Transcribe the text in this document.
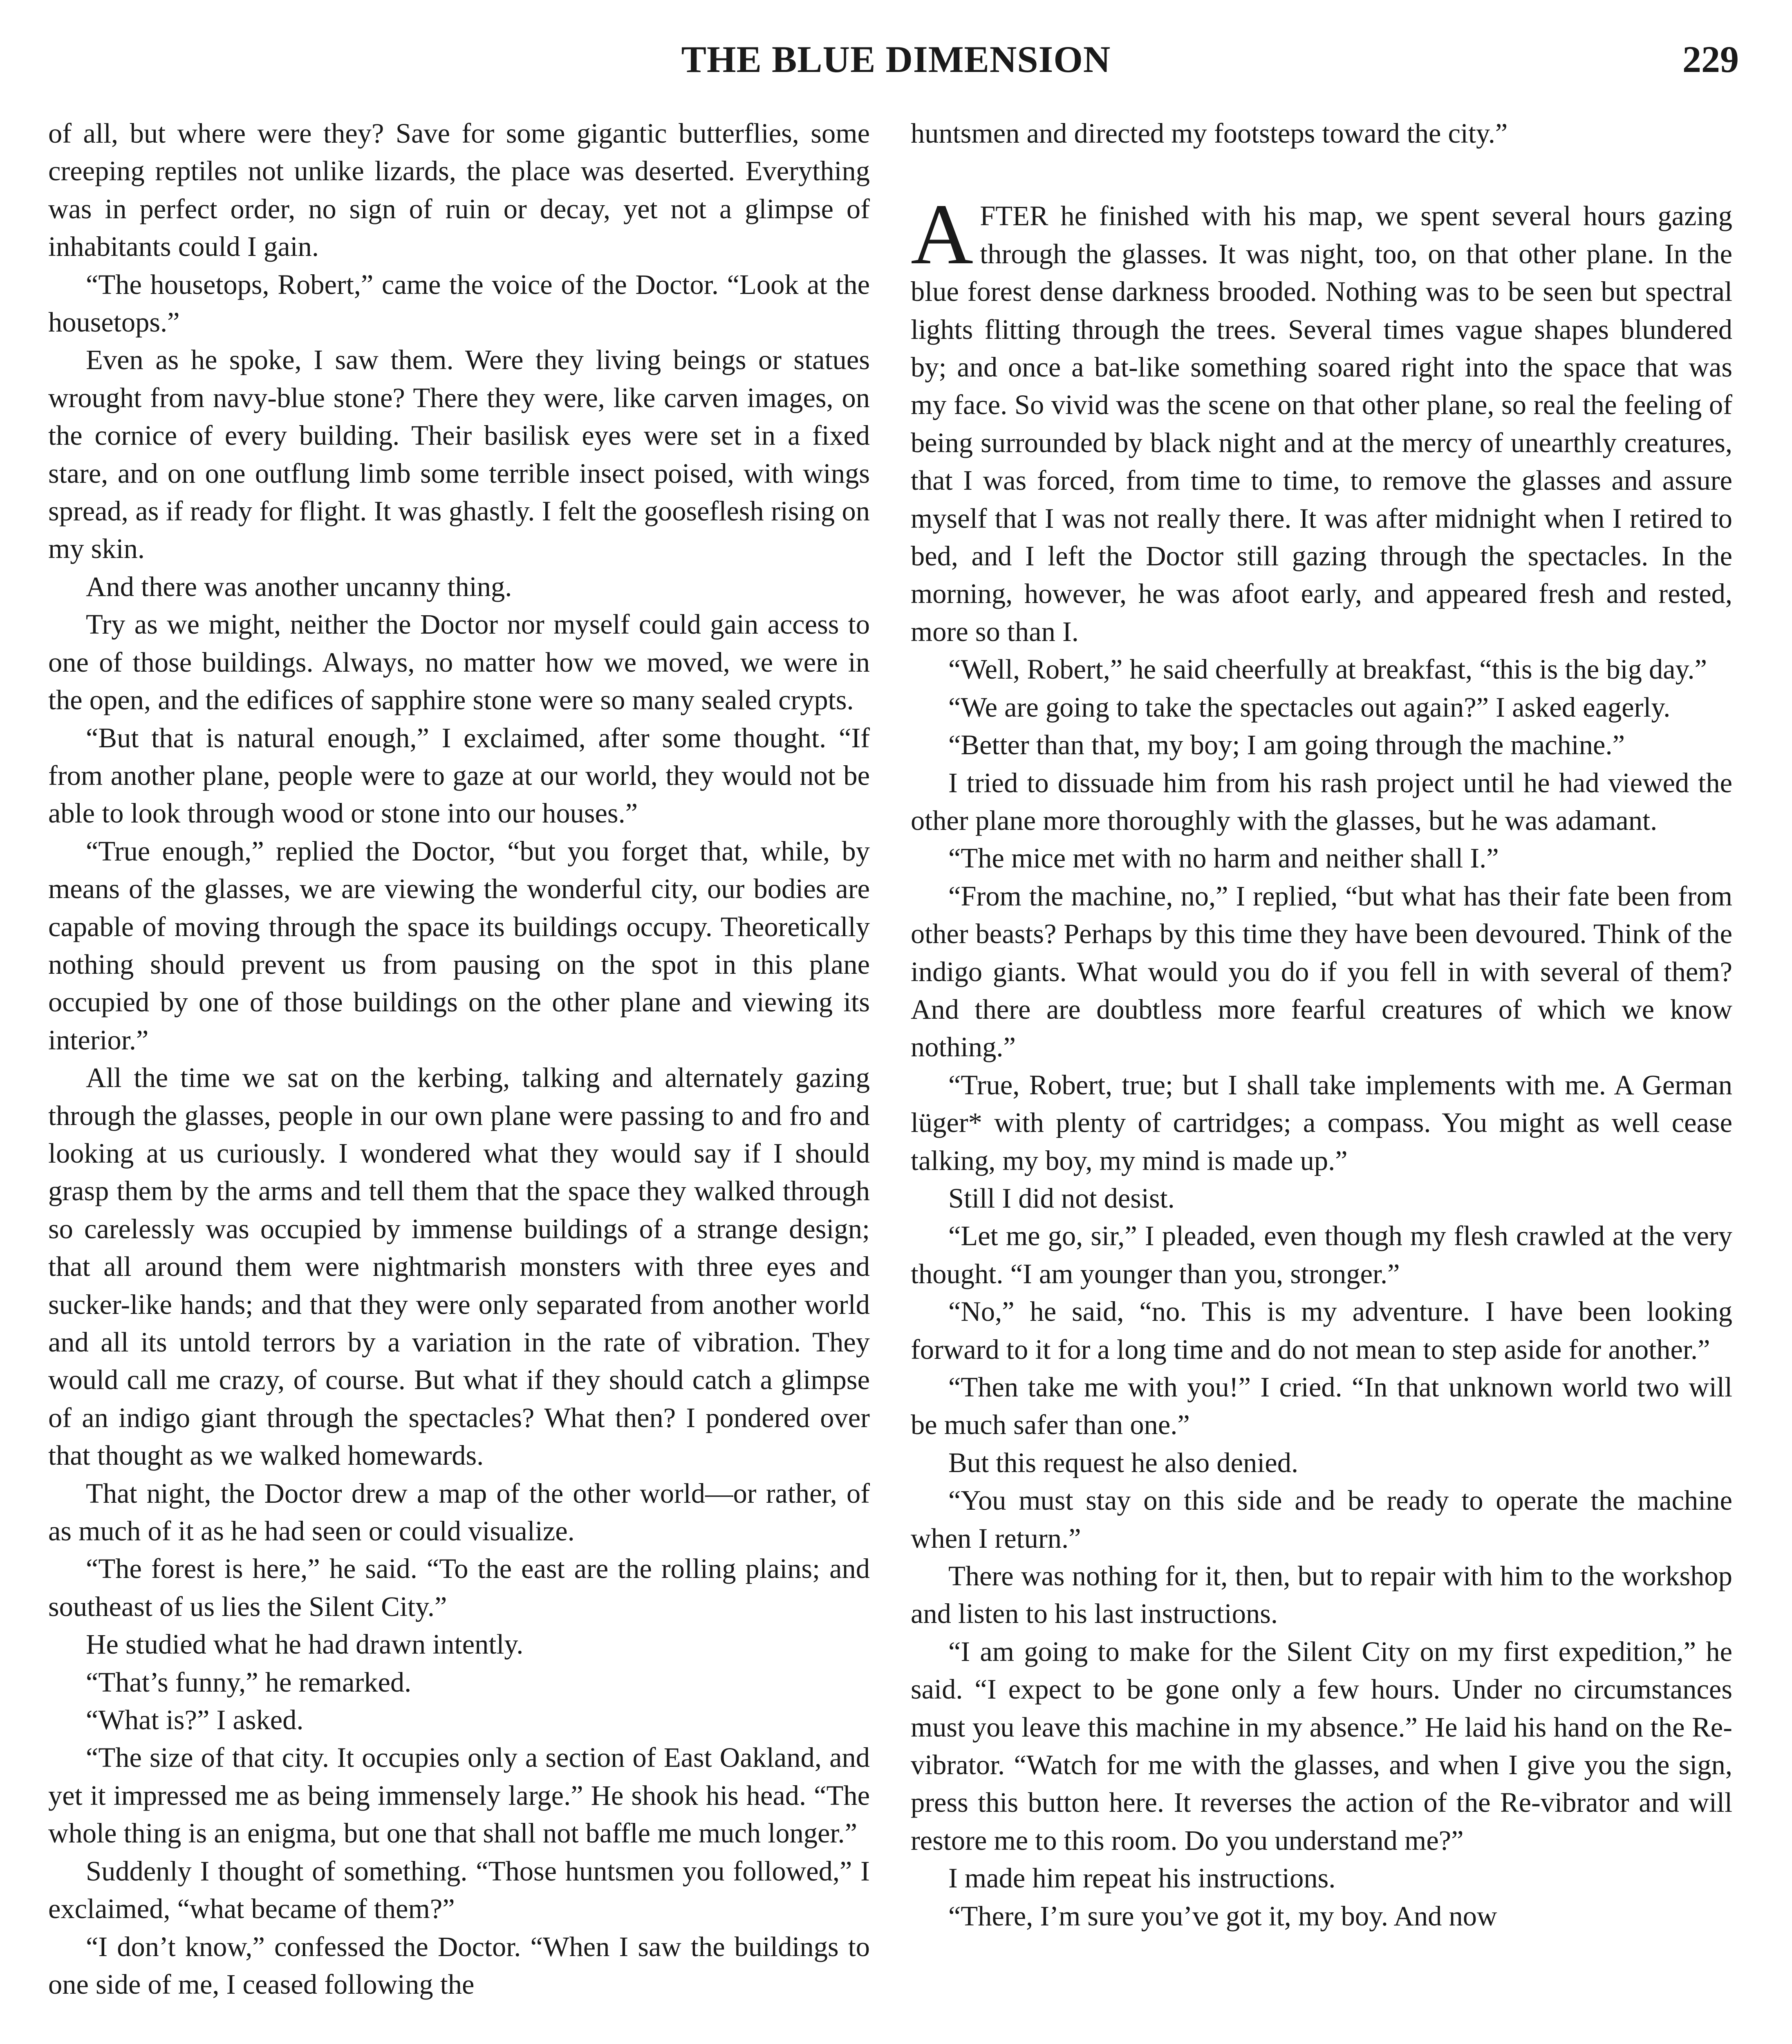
THE BLUE DIMENSION	229

of all, but where were they? Save for some gigantic butterflies, some creeping reptiles not unlike lizards, the place was deserted. Everything was in perfect order, no sign of ruin or decay, yet not a glimpse of inhabitants could I gain.

“The housetops, Robert,” came the voice of the Doctor. “Look at the housetops.”

Even as he spoke, I saw them. Were they living beings or statues wrought from navy-blue stone? There they were, like carven images, on the cornice of every building. Their basilisk eyes were set in a fixed stare, and on one outflung limb some terrible insect poised, with wings spread, as if ready for flight. It was ghastly. I felt the gooseflesh rising on my skin.

And there was another uncanny thing.

Try as we might, neither the Doctor nor myself could gain access to one of those buildings. Always, no matter how we moved, we were in the open, and the edifices of sapphire stone were so many sealed crypts.

“But that is natural enough,” I exclaimed, after some thought. “If from another plane, people were to gaze at our world, they would not be able to look through wood or stone into our houses.”

“True enough,” replied the Doctor, “but you forget that, while, by means of the glasses, we are viewing the wonderful city, our bodies are capable of moving through the space its buildings occupy. Theoretically nothing should prevent us from pausing on the spot in this plane occupied by one of those buildings on the other plane and viewing its interior.”

All the time we sat on the kerbing, talking and alternately gazing through the glasses, people in our own plane were passing to and fro and looking at us curiously. I wondered what they would say if I should grasp them by the arms and tell them that the space they walked through so carelessly was occupied by immense buildings of a strange design; that all around them were nightmarish monsters with three eyes and sucker-like hands; and that they were only separated from another world and all its untold terrors by a variation in the rate of vibration. They would call me crazy, of course. But what if they should catch a glimpse of an indigo giant through the spectacles? What then? I pondered over that thought as we walked homewards.

That night, the Doctor drew a map of the other world—or rather, of as much of it as he had seen or could visualize.

“The forest is here,” he said. “To the east are the rolling plains; and southeast of us lies the Silent City.”

He studied what he had drawn intently.

“That’s funny,” he remarked.

“What is?” I asked.

“The size of that city. It occupies only a section of East Oakland, and yet it impressed me as being immensely large.” He shook his head. “The whole thing is an enigma, but one that shall not baffle me much longer.”

Suddenly I thought of something. “Those huntsmen you followed,” I exclaimed, “what became of them?”

“I don’t know,” confessed the Doctor. “When I saw the buildings to one side of me, I ceased following the

huntsmen and directed my footsteps toward the city.”

AFTER he finished with his map, we spent several hours gazing through the glasses. It was night, too, on that other plane. In the blue forest dense darkness brooded. Nothing was to be seen but spectral lights flitting through the trees. Several times vague shapes blundered by; and once a bat-like something soared right into the space that was my face. So vivid was the scene on that other plane, so real the feeling of being surrounded by black night and at the mercy of unearthly creatures, that I was forced, from time to time, to remove the glasses and assure myself that I was not really there. It was after midnight when I retired to bed, and I left the Doctor still gazing through the spectacles. In the morning, however, he was afoot early, and appeared fresh and rested, more so than I.

“Well, Robert,” he said cheerfully at breakfast, “this is the big day.”

“We are going to take the spectacles out again?” I asked eagerly.

“Better than that, my boy; I am going through the machine.”

I tried to dissuade him from his rash project until he had viewed the other plane more thoroughly with the glasses, but he was adamant.

“The mice met with no harm and neither shall I.”

“From the machine, no,” I replied, “but what has their fate been from other beasts? Perhaps by this time they have been devoured. Think of the indigo giants. What would you do if you fell in with several of them? And there are doubtless more fearful creatures of which we know nothing.”

“True, Robert, true; but I shall take implements with me. A German lüger* with plenty of cartridges; a compass. You might as well cease talking, my boy, my mind is made up.”

Still I did not desist.

“Let me go, sir,” I pleaded, even though my flesh crawled at the very thought. “I am younger than you, stronger.”

“No,” he said, “no. This is my adventure. I have been looking forward to it for a long time and do not mean to step aside for another.”

“Then take me with you!” I cried. “In that unknown world two will be much safer than one.”

But this request he also denied.

“You must stay on this side and be ready to operate the machine when I return.”

There was nothing for it, then, but to repair with him to the workshop and listen to his last instructions.

“I am going to make for the Silent City on my first expedition,” he said. “I expect to be gone only a few hours. Under no circumstances must you leave this machine in my absence.” He laid his hand on the Re-vibrator. “Watch for me with the glasses, and when I give you the sign, press this button here. It reverses the action of the Re-vibrator and will restore me to this room. Do you understand me?”

I made him repeat his instructions.

“There, I’m sure you’ve got it, my boy. And now
